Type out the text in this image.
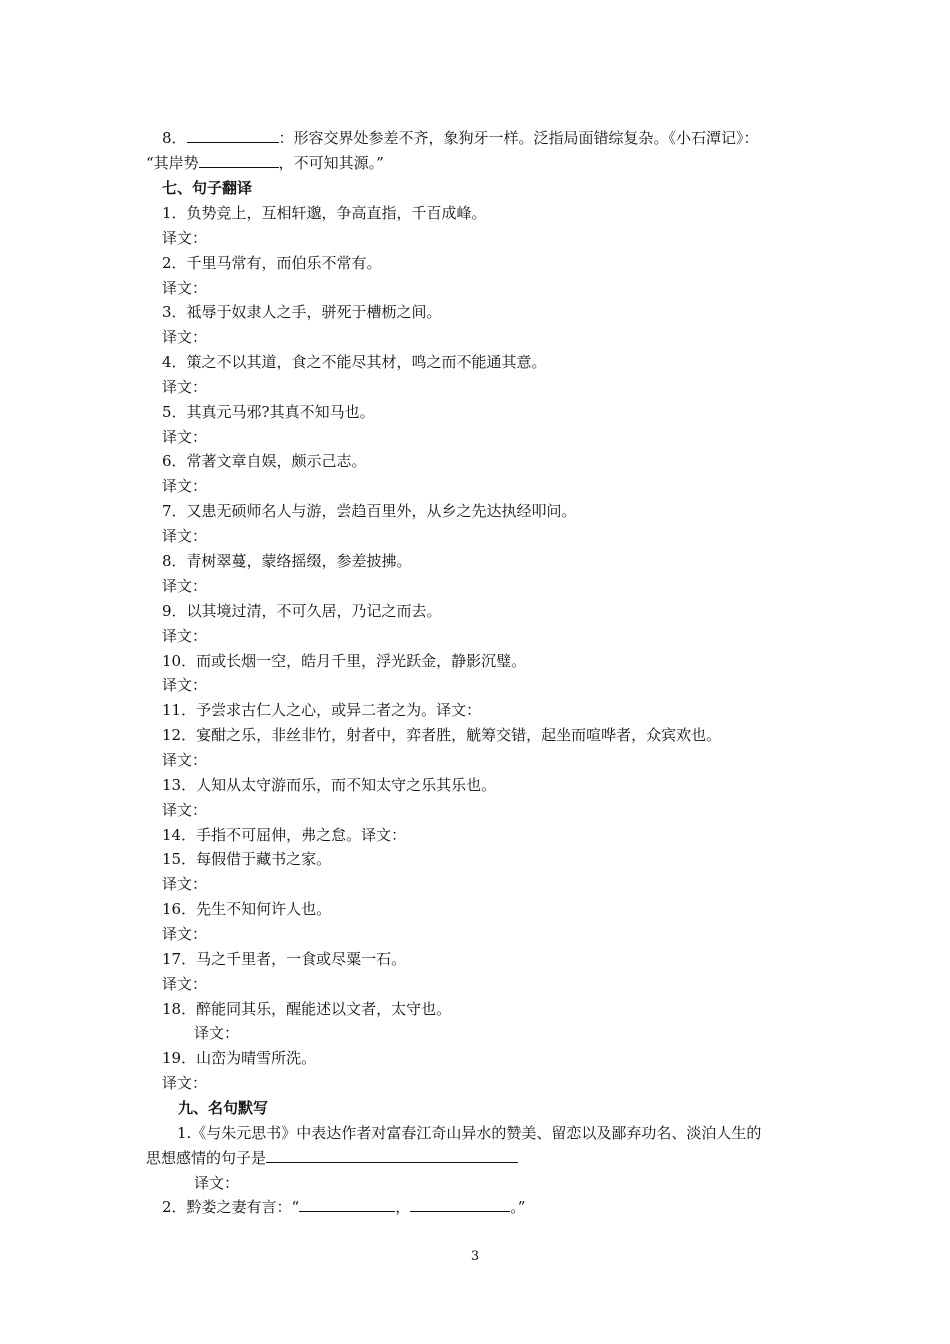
8．	：形容交界处参差不齐，象狗牙一样。泛指局面错综复杂。《小石潭记》：
“其岸势	，不可知其源。”
七、句子翻译
1．负势竞上，互相轩邈，争高直指，千百成峰。
译文：
2．千里马常有，而伯乐不常有。
译文：
3．祗辱于奴隶人之手，骈死于槽枥之间。
译文：
4．策之不以其道，食之不能尽其材，鸣之而不能通其意。
译文：
5．其真元马邪?其真不知马也。
译文：
6．常著文章自娱，颇示己志。
译文：
7．又患无硕师名人与游，尝趋百里外，从乡之先达执经叩问。
译文：
8．青树翠蔓，蒙络摇缀，参差披拂。
译文：
9．以其境过清，不可久居，乃记之而去。
译文：
10．而或长烟一空，皓月千里，浮光跃金，静影沉璧。
译文：
11．予尝求古仁人之心，或异二者之为。译文：
12．宴酣之乐，非丝非竹，射者中，弈者胜，觥筹交错，起坐而喧哗者，众宾欢也。
译文：
13．人知从太守游而乐，而不知太守之乐其乐也。
译文：
14．手指不可屈伸，弗之怠。译文：
15．每假借于藏书之家。
译文：
16．先生不知何许人也。
译文：
17．马之千里者，一食或尽粟一石。
译文：
18．醉能同其乐，醒能述以文者，太守也。
译文：
19．山峦为晴雪所洗。
译文：
九、名句默写
1.《与朱元思书》中表达作者对富春江奇山异水的赞美、留恋以及鄙弃功名、淡泊人生的
思想感情的句子是
译文：
2．黔娄之妻有言：“	，	。”
3
